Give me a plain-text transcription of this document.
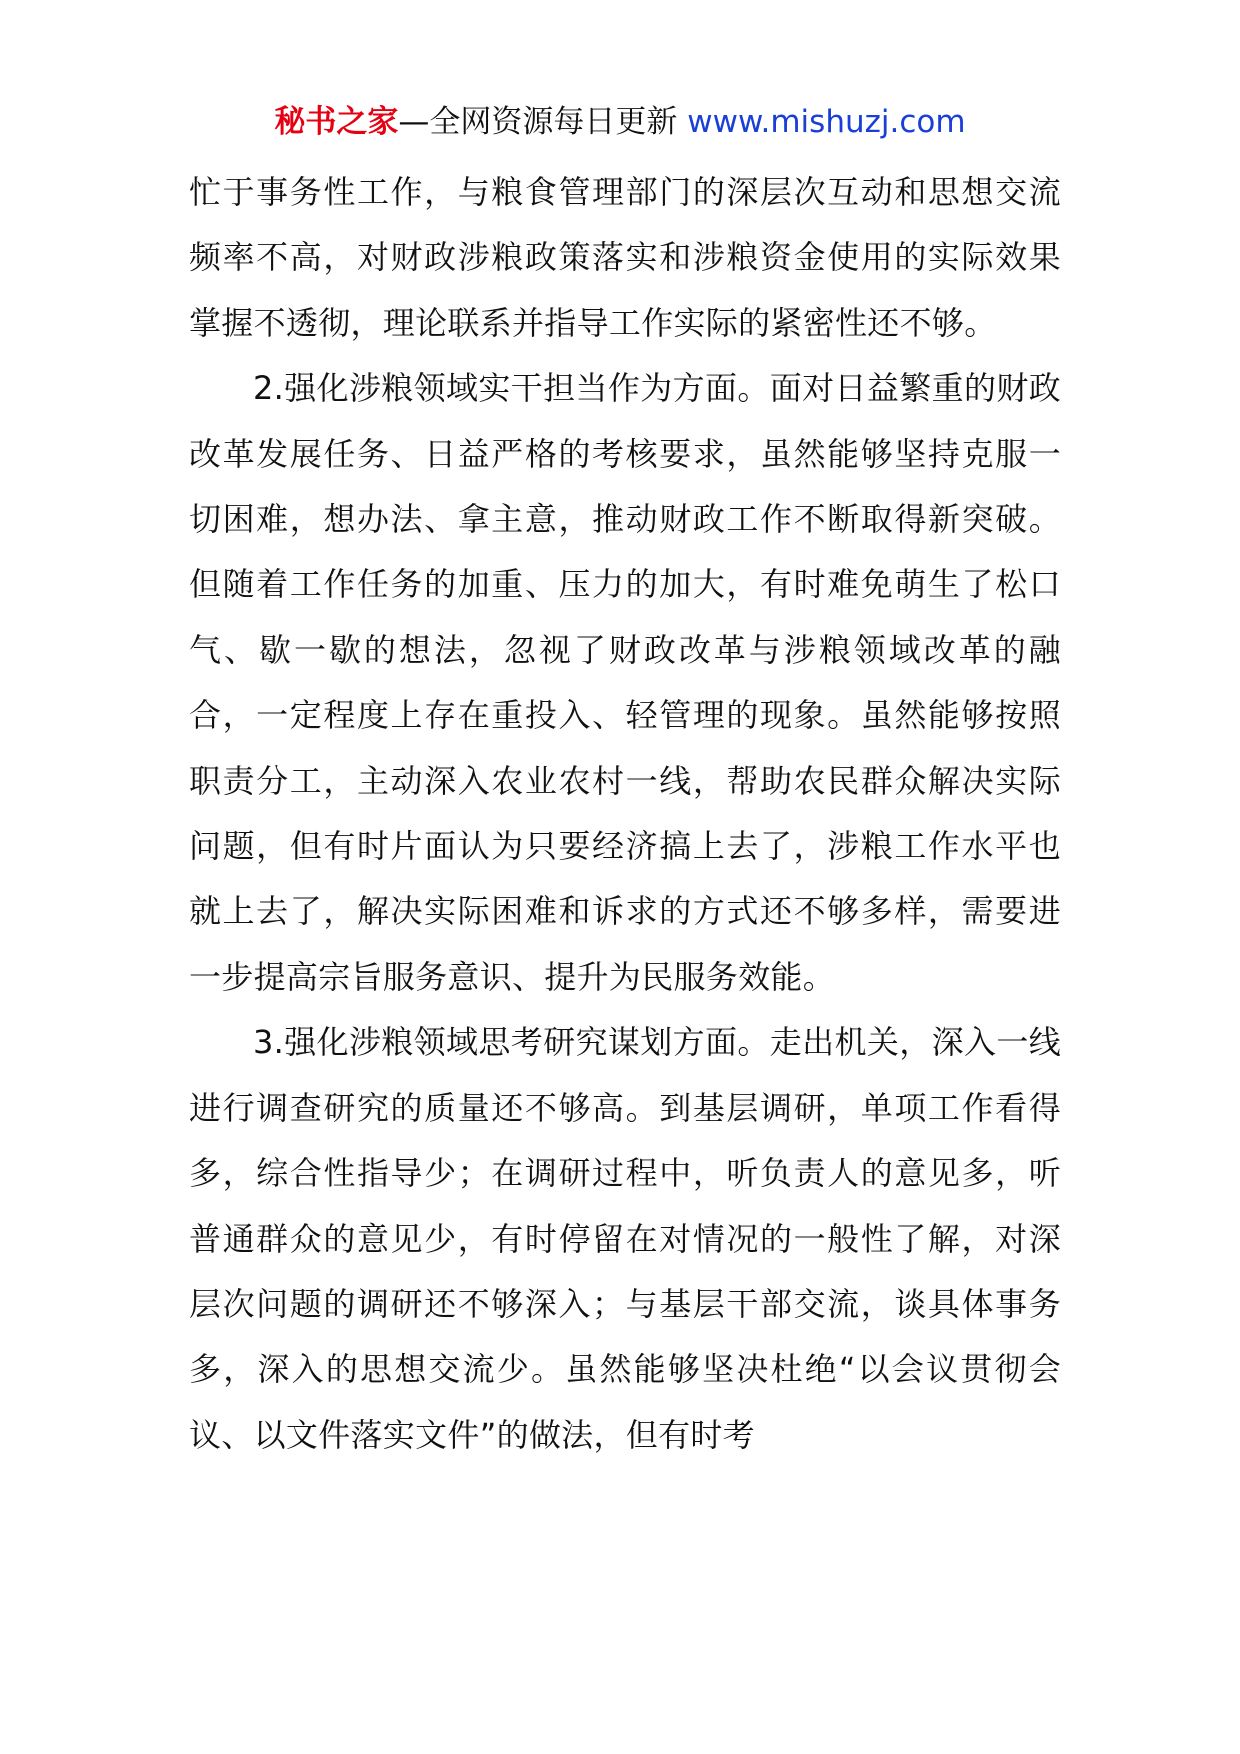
秘书之家—全网资源每日更新 www.mishuzj.com

忙于事务性工作，与粮食管理部门的深层次互动和思想交流频率不高，对财政涉粮政策落实和涉粮资金使用的实际效果掌握不透彻，理论联系并指导工作实际的紧密性还不够。

2.强化涉粮领域实干担当作为方面。面对日益繁重的财政改革发展任务、日益严格的考核要求，虽然能够坚持克服一切困难，想办法、拿主意，推动财政工作不断取得新突破。但随着工作任务的加重、压力的加大，有时难免萌生了松口气、歇一歇的想法，忽视了财政改革与涉粮领域改革的融合，一定程度上存在重投入、轻管理的现象。虽然能够按照职责分工，主动深入农业农村一线，帮助农民群众解决实际问题，但有时片面认为只要经济搞上去了，涉粮工作水平也就上去了，解决实际困难和诉求的方式还不够多样，需要进一步提高宗旨服务意识、提升为民服务效能。

3.强化涉粮领域思考研究谋划方面。走出机关，深入一线进行调查研究的质量还不够高。到基层调研，单项工作看得多，综合性指导少；在调研过程中，听负责人的意见多，听普通群众的意见少，有时停留在对情况的一般性了解，对深层次问题的调研还不够深入；与基层干部交流，谈具体事务多，深入的思想交流少。虽然能够坚决杜绝“以会议贯彻会议、以文件落实文件”的做法，但有时考
